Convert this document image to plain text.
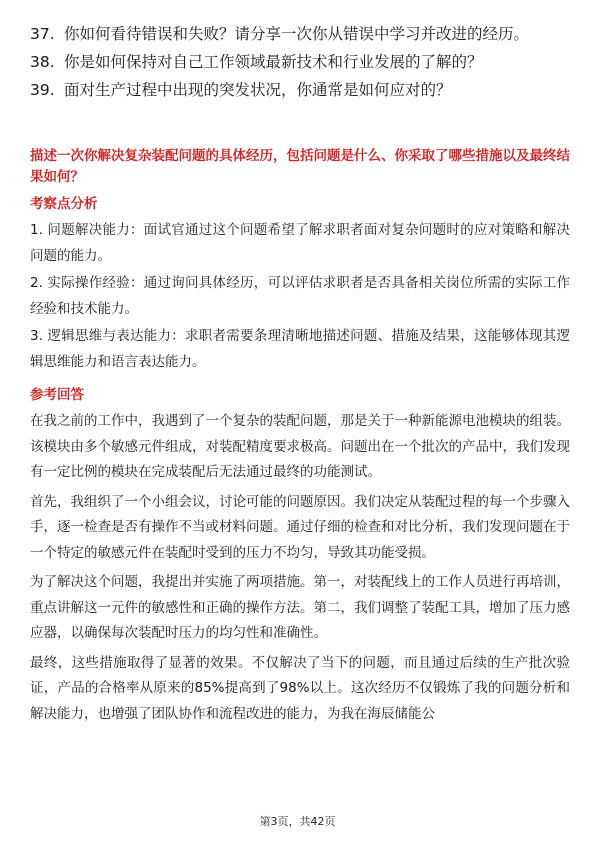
37. 你如何看待错误和失败？请分享一次你从错误中学习并改进的经历。
38. 你是如何保持对自己工作领域最新技术和行业发展的了解的？
39. 面对生产过程中出现的突发状况，你通常是如何应对的？

描述一次你解决复杂装配问题的具体经历，包括问题是什么、你采取了哪些措施以及最终结果如何？

考察点分析

1. 问题解决能力：面试官通过这个问题希望了解求职者面对复杂问题时的应对策略和解决问题的能力。

2. 实际操作经验：通过询问具体经历，可以评估求职者是否具备相关岗位所需的实际工作经验和技术能力。

3. 逻辑思维与表达能力：求职者需要条理清晰地描述问题、措施及结果，这能够体现其逻辑思维能力和语言表达能力。

参考回答

在我之前的工作中，我遇到了一个复杂的装配问题，那是关于一种新能源电池模块的组装。该模块由多个敏感元件组成，对装配精度要求极高。问题出在一个批次的产品中，我们发现有一定比例的模块在完成装配后无法通过最终的功能测试。

首先，我组织了一个小组会议，讨论可能的问题原因。我们决定从装配过程的每一个步骤入手，逐一检查是否有操作不当或材料问题。通过仔细的检查和对比分析，我们发现问题在于一个特定的敏感元件在装配时受到的压力不均匀，导致其功能受损。

为了解决这个问题，我提出并实施了两项措施。第一，对装配线上的工作人员进行再培训，重点讲解这一元件的敏感性和正确的操作方法。第二，我们调整了装配工具，增加了压力感应器，以确保每次装配时压力的均匀性和准确性。

最终，这些措施取得了显著的效果。不仅解决了当下的问题，而且通过后续的生产批次验证，产品的合格率从原来的85%提高到了98%以上。这次经历不仅锻炼了我的问题分析和解决能力，也增强了团队协作和流程改进的能力，为我在海辰储能公

第3页，共42页
